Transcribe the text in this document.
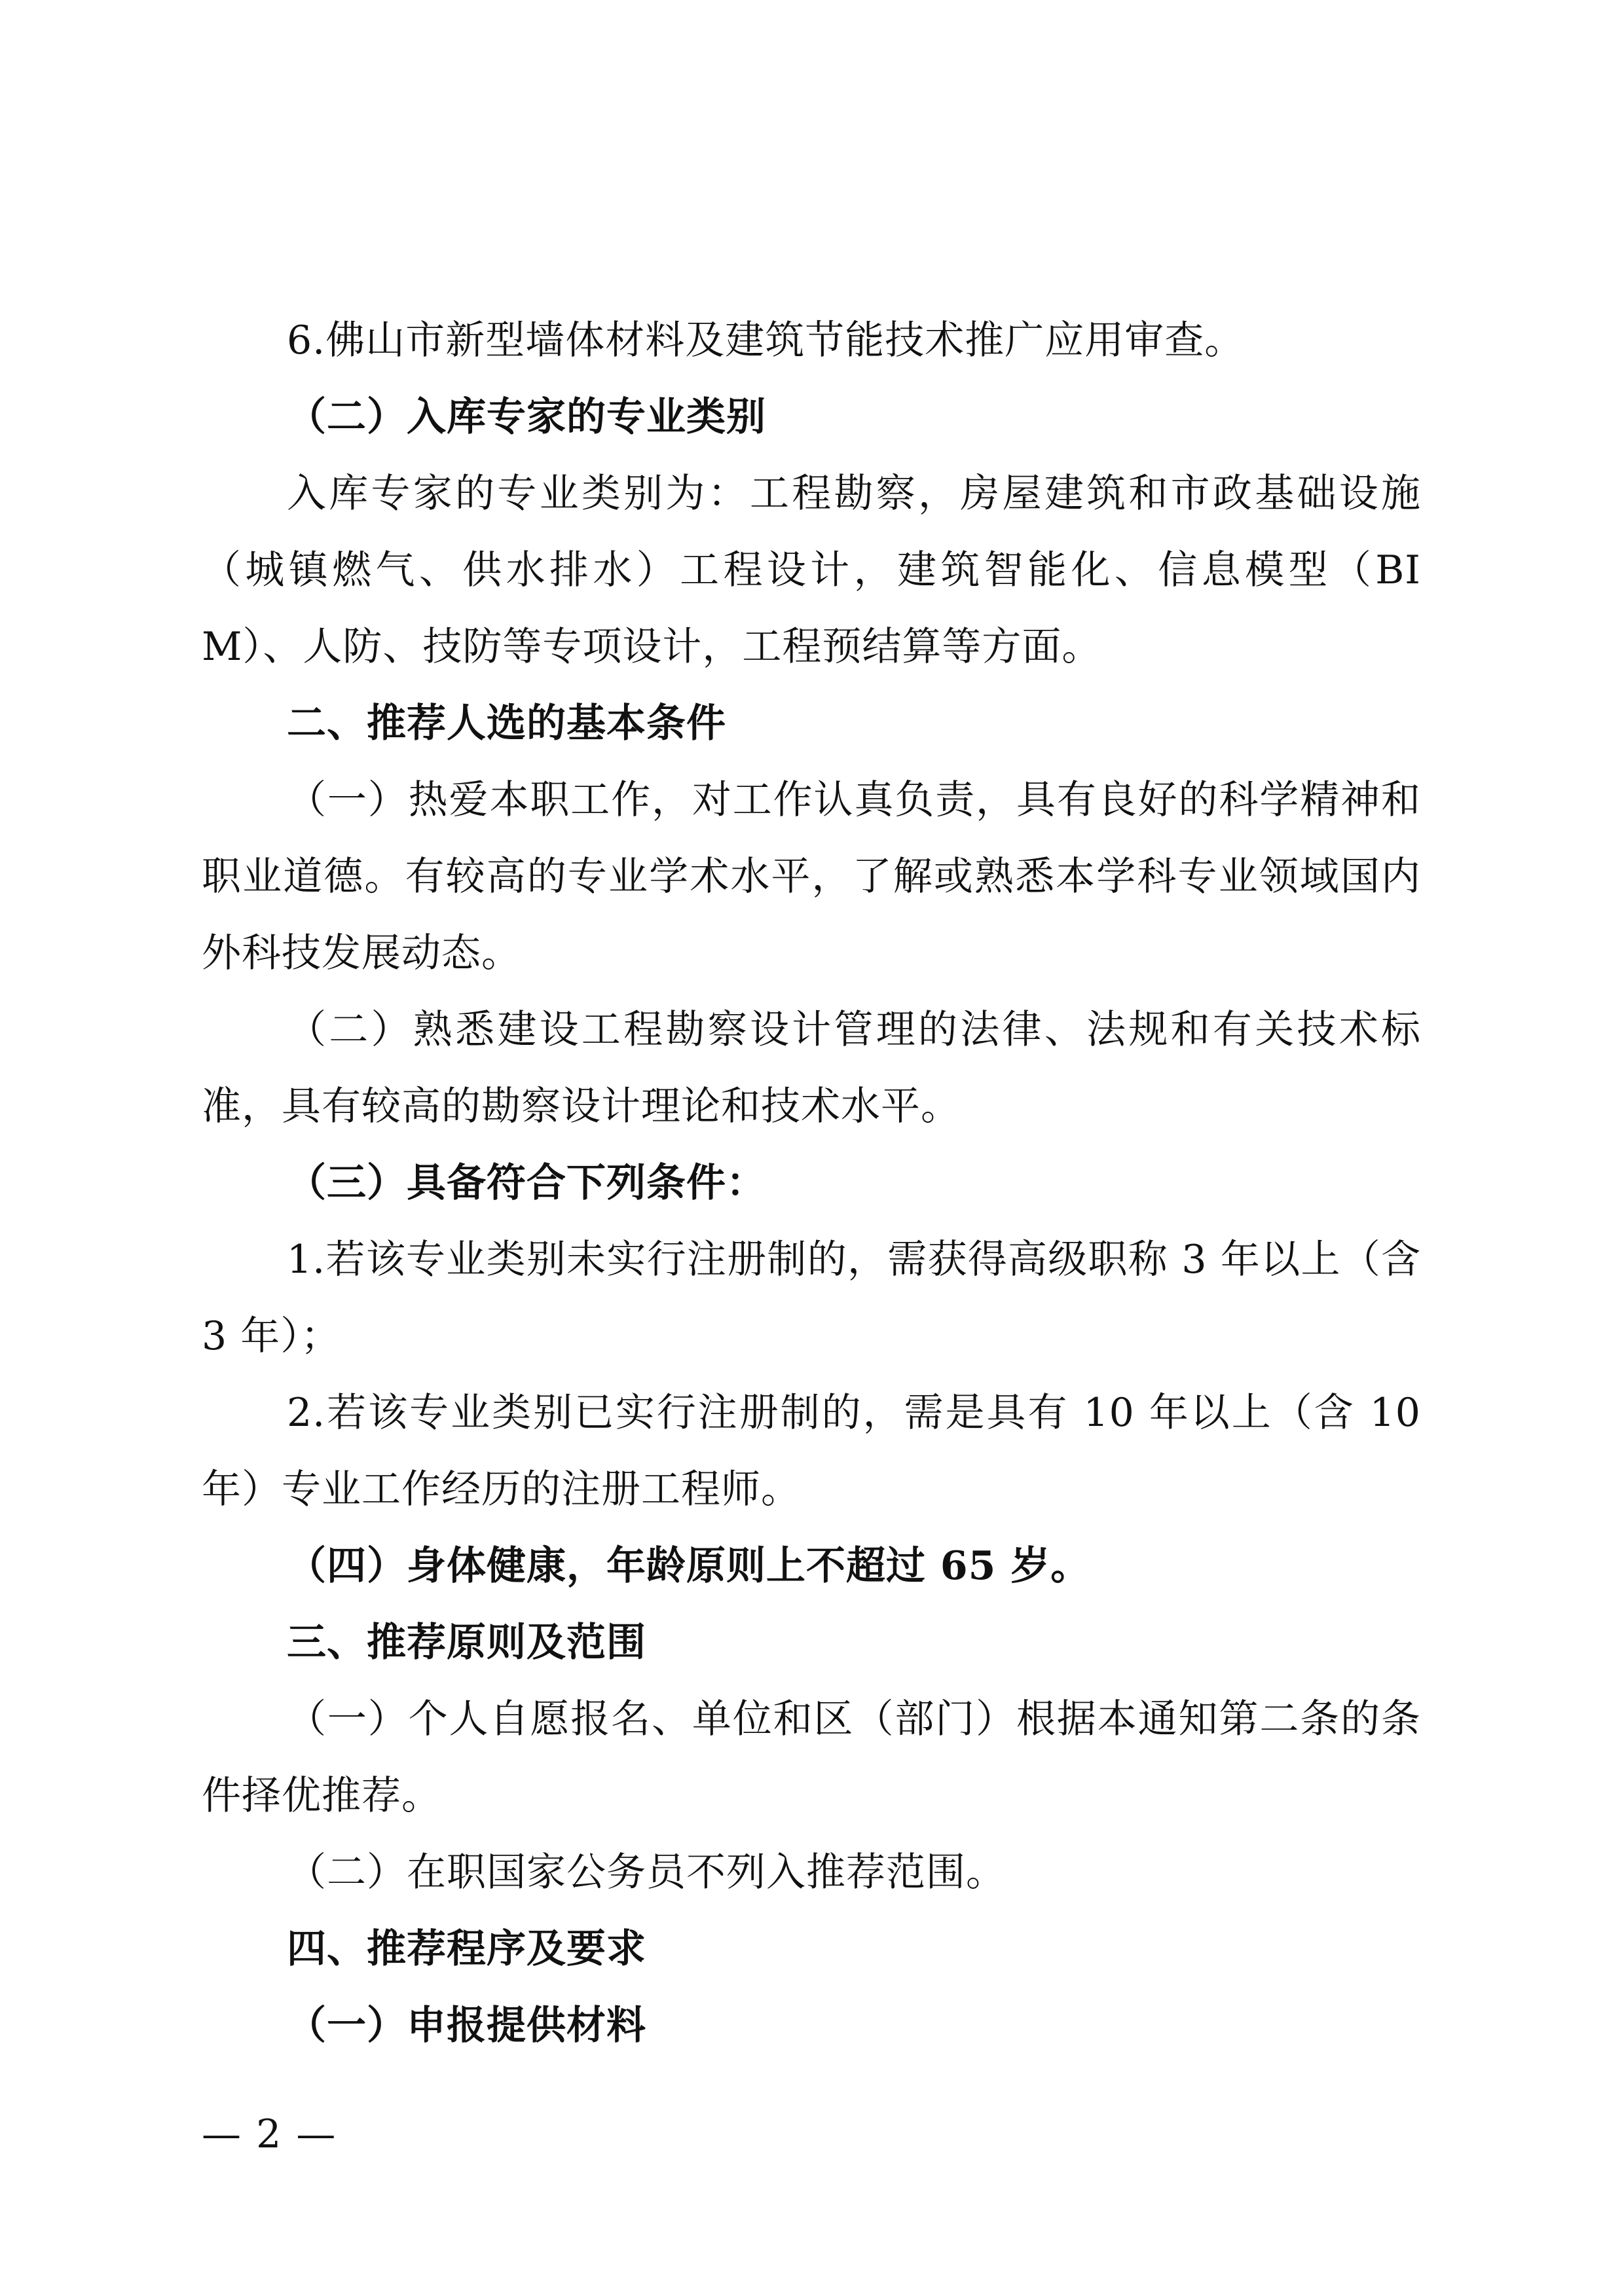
6.佛山市新型墙体材料及建筑节能技术推广应用审查。

（二）入库专家的专业类别

入库专家的专业类别为：工程勘察，房屋建筑和市政基础设施（城镇燃气、供水排水）工程设计，建筑智能化、信息模型（BIM）、人防、技防等专项设计，工程预结算等方面。

二、推荐人选的基本条件

（一）热爱本职工作，对工作认真负责，具有良好的科学精神和职业道德。有较高的专业学术水平，了解或熟悉本学科专业领域国内外科技发展动态。

（二）熟悉建设工程勘察设计管理的法律、法规和有关技术标准，具有较高的勘察设计理论和技术水平。

（三）具备符合下列条件：

1.若该专业类别未实行注册制的，需获得高级职称 3 年以上（含 3 年）；

2.若该专业类别已实行注册制的，需是具有 10 年以上（含 10 年）专业工作经历的注册工程师。

（四）身体健康，年龄原则上不超过 65 岁。

三、推荐原则及范围

（一）个人自愿报名、单位和区（部门）根据本通知第二条的条件择优推荐。

（二）在职国家公务员不列入推荐范围。

四、推荐程序及要求

（一）申报提供材料

— 2 —
